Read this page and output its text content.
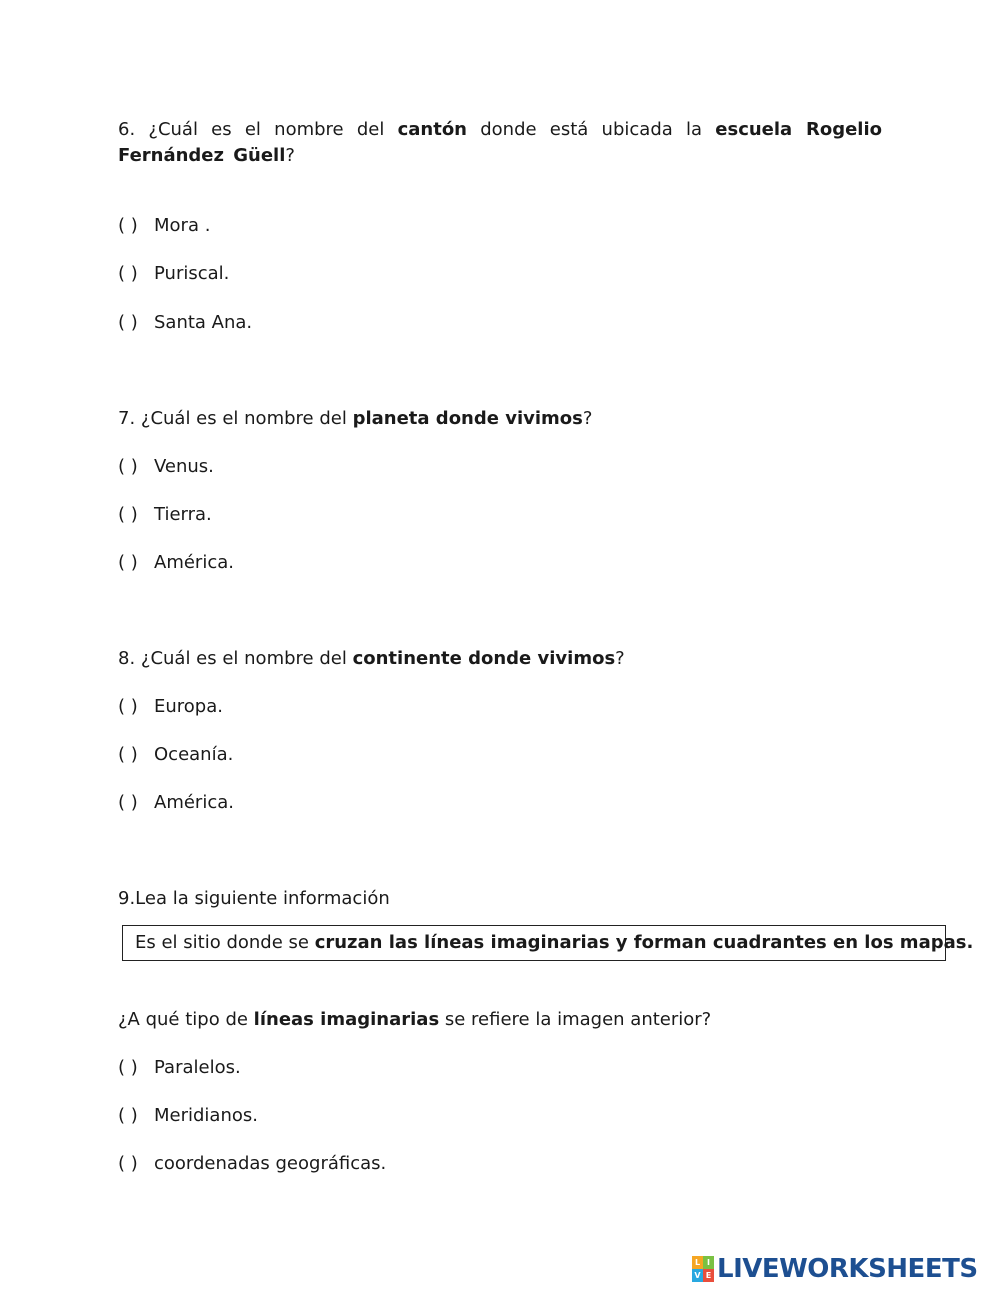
6. ¿Cuál es el nombre del cantón donde está ubicada la escuela Rogelio
Fernández Güell?
( ) Mora .
( ) Puriscal.
( ) Santa Ana.
7. ¿Cuál es el nombre del planeta donde vivimos?
( ) Venus.
( ) Tierra.
( ) América.
8. ¿Cuál es el nombre del continente donde vivimos?
( ) Europa.
( ) Oceanía.
( ) América.
9.Lea la siguiente información
Es el sitio donde se cruzan las líneas imaginarias y forman cuadrantes en los mapas.
¿A qué tipo de líneas imaginarias se refiere la imagen anterior?
( ) Paralelos.
( ) Meridianos.
( ) coordenadas geográficas.
L I
V E LIVEWORKSHEETS
